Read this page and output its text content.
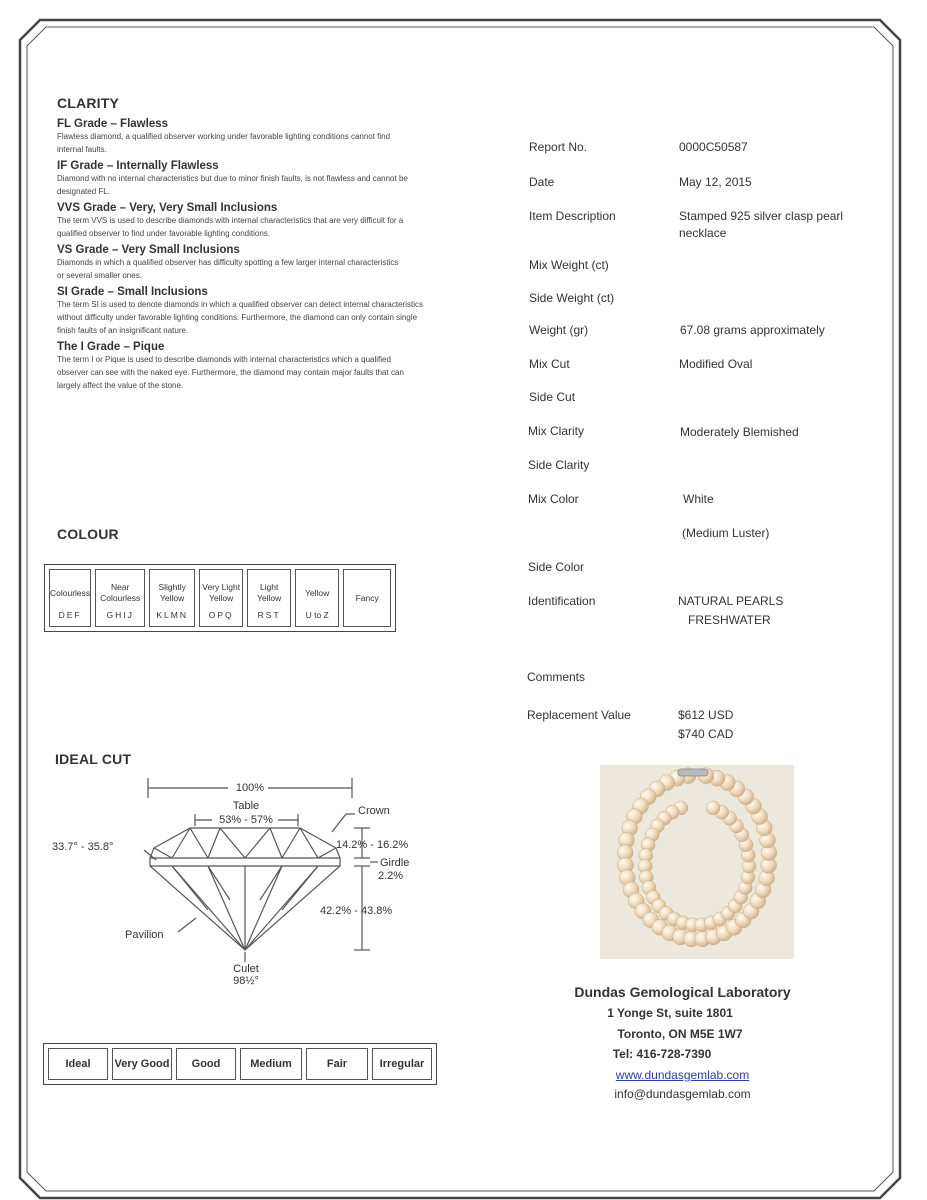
CLARITY
FL Grade – Flawless
Flawless diamond, a qualified observer working under favorable lighting conditions cannot find internal faults.
IF Grade – Internally Flawless
Diamond with no internal characteristics but due to minor finish faults, is not flawless and cannot be designated FL.
VVS Grade – Very, Very Small Inclusions
The term VVS is used to describe diamonds with internal characteristics that are very difficult for a qualified observer to find under favorable lighting conditions.
VS Grade – Very Small Inclusions
Diamonds in which a qualified observer has difficulty spotting a few larger internal characteristics or several smaller ones.
SI Grade – Small Inclusions
The term SI is used to denote diamonds in which a qualified observer can detect internal characteristics without difficulty under favorable lighting conditions. Furthermore, the diamond can only contain single finish faults of an insignificant nature.
The I Grade – Pique
The term I or Pique is used to describe diamonds with internal characteristics which a qualified observer can see with the naked eye. Furthermore, the diamond may contain major faults that can largely affect the value of the stone.
COLOUR
Colourless
DEF

Near Colourless
GHIJ

Slightly Yellow
KLMN

Very Light Yellow
OPQ

Light Yellow
RST

Yellow
U to Z
	Fancy
IDEAL CUT
100%
Table
53% - 57%
Crown
33.7° - 35.8°	14.2% - 16.2%
Girdle
2.2%
42.2% - 43.8%
Pavilion
Culet
98½°
Ideal	Very Good	Good	Medium	Fair	Irregular
Report No.	0000C50587
Date	May 12, 2015
Item Description	Stamped 925 silver clasp pearl necklace
Mix Weight (ct)
Side Weight (ct)
Weight (gr)	67.08 grams approximately
Mix Cut	Modified Oval
Side Cut
Mix Clarity	Moderately Blemished
Side Clarity
Mix Color	White
(Medium Luster)
Side Color
Identification	NATURAL PEARLS
FRESHWATER
Comments
Replacement Value	$612 USD
$740 CAD
Dundas Gemological Laboratory
1 Yonge St, suite 1801
Toronto, ON M5E 1W7
Tel: 416-728-7390
www.dundasgemlab.com
info@dundasgemlab.com
